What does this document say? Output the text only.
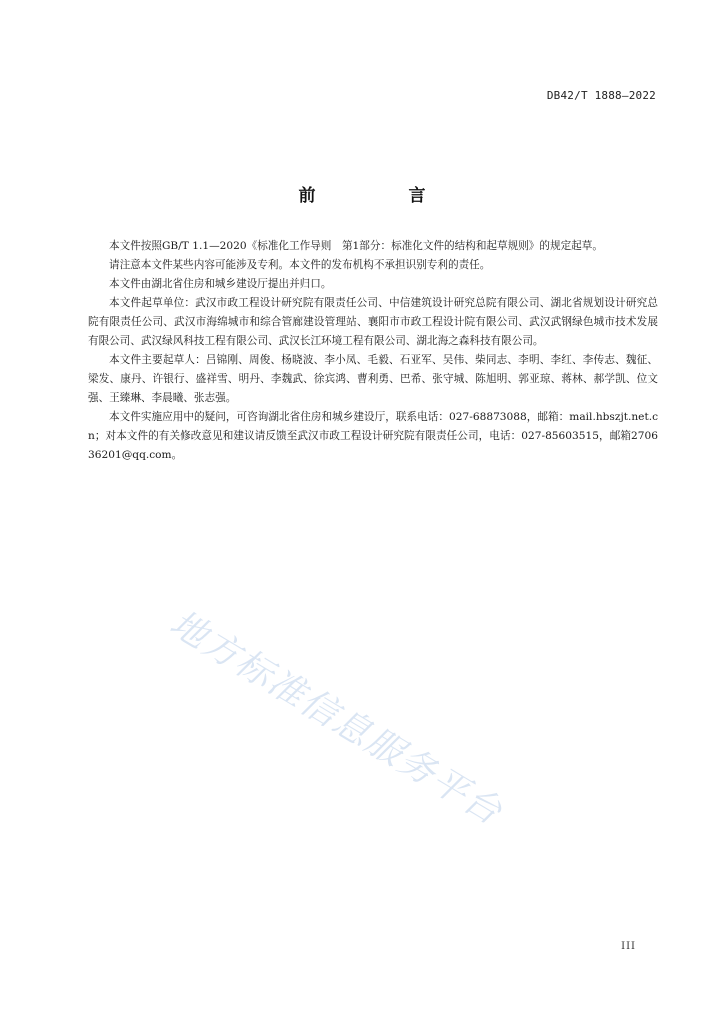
DB42/T 1888—2022
前　言

本文件按照GB/T 1.1—2020《标准化工作导则　第1部分：标准化文件的结构和起草规则》的规定起草。

请注意本文件某些内容可能涉及专利。本文件的发布机构不承担识别专利的责任。

本文件由湖北省住房和城乡建设厅提出并归口。

本文件起草单位：武汉市政工程设计研究院有限责任公司、中信建筑设计研究总院有限公司、湖北省规划设计研究总院有限责任公司、武汉市海绵城市和综合管廊建设管理站、襄阳市市政工程设计院有限公司、武汉武钢绿色城市技术发展有限公司、武汉绿风科技工程有限公司、武汉长江环境工程有限公司、湖北海之森科技有限公司。

本文件主要起草人：吕锦刚、周俊、杨晓波、李小凤、毛毅、石亚军、吴伟、柴同志、李明、李红、李传志、魏征、梁发、康丹、许银行、盛祥雪、明丹、李魏武、徐宾鸿、曹利勇、巴希、张守城、陈旭明、郭亚琼、蒋林、郝学凯、位文强、王臻琳、李晨曦、张志强。

本文件实施应用中的疑问，可咨询湖北省住房和城乡建设厅，联系电话：027-68873088，邮箱：mail.hbszjt.net.cn；对本文件的有关修改意见和建议请反馈至武汉市政工程设计研究院有限责任公司，电话：027-85603515，邮箱270636201@qq.com。

地方标准信息服务平台
III
